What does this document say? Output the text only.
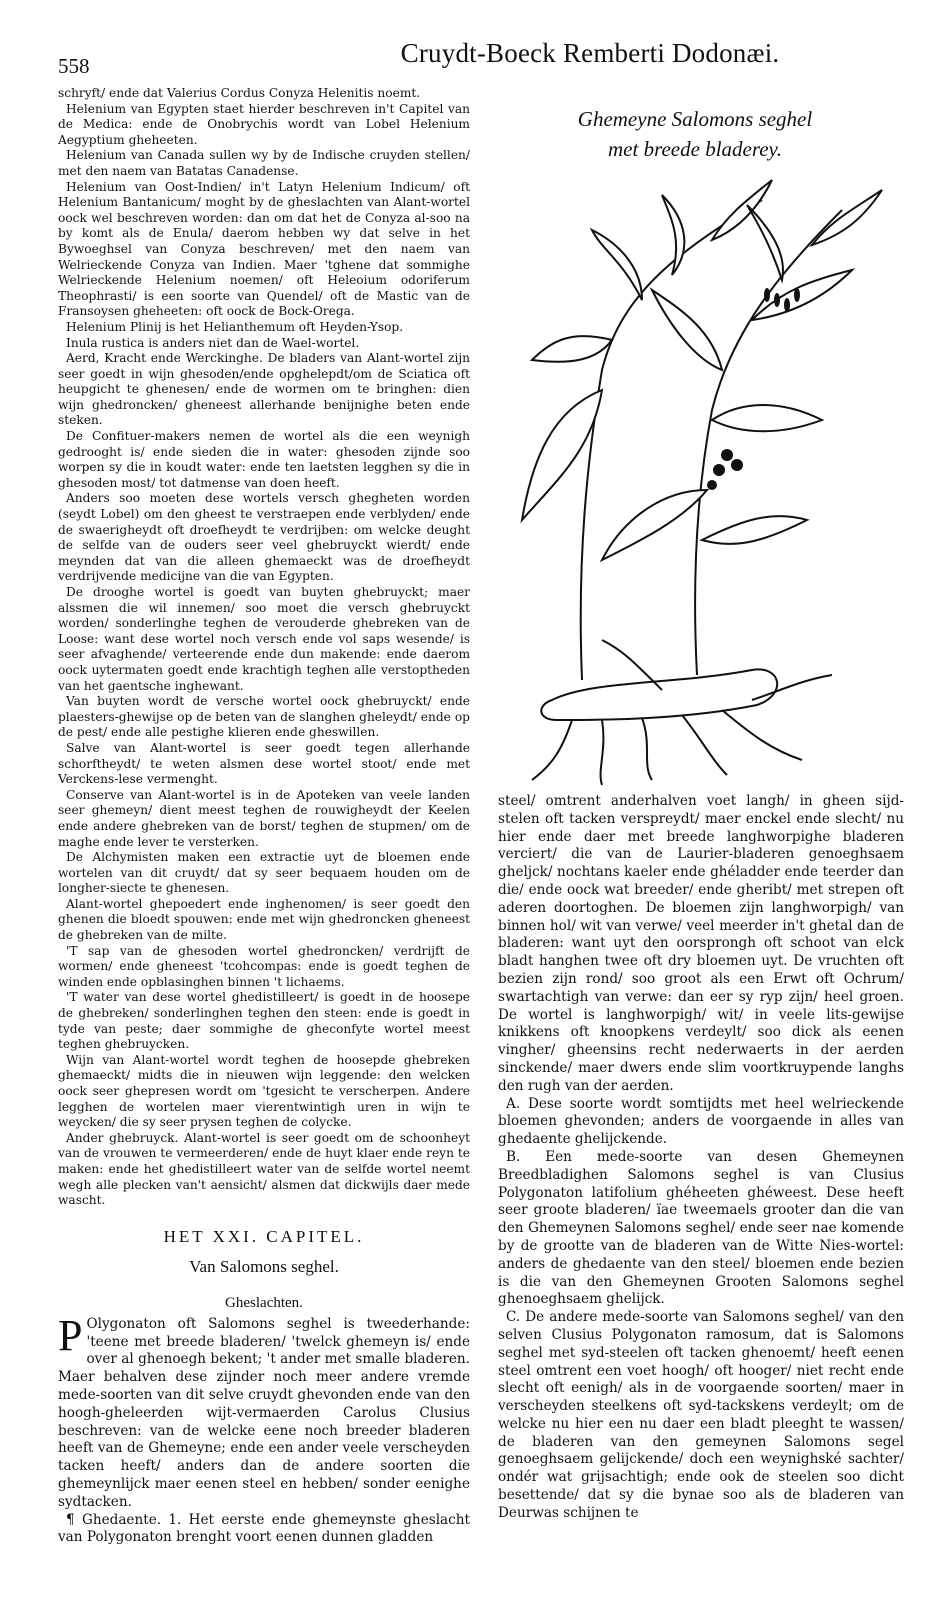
558	Cruydt-Boeck Remberti Dodonæi.

schryft/ ende dat Valerius Cordus Conyza Helenitis noemt.

Helenium van Egypten staet hierder beschreven in't Capitel van de Medica: ende de Onobrychis wordt van Lobel Helenium Aegyptium gheheeten.

Helenium van Canada sullen wy by de Indische cruyden stellen/ met den naem van Batatas Canadense.

Helenium van Oost-Indien/ in't Latyn Helenium Indicum/ oft Helenium Bantanicum/ moght by de gheslachten van Alant-wortel oock wel beschreven worden: dan om dat het de Conyza al-soo na by komt als de Enula/ daerom hebben wy dat selve in het Bywoeghsel van Conyza beschreven/ met den naem van Welrieckende Conyza van Indien. Maer 'tghene dat sommighe Welrieckende Helenium noemen/ oft Heleoium odoriferum Theophrasti/ is een soorte van Quendel/ oft de Mastic van de Fransoysen gheheeten: oft oock de Bock-Orega.

Helenium Plinij is het Helianthemum oft Heyden-Ysop.

Inula rustica is anders niet dan de Wael-wortel.

Aerd, Kracht ende Werckinghe. De bladers van Alant-wortel zijn seer goedt in wijn ghesoden/ende opghelepdt/om de Sciatica oft heupgicht te ghenesen/ ende de wormen om te bringhen: dien wijn ghedroncken/ gheneest allerhande benijnighe beten ende steken.

De Confituer-makers nemen de wortel als die een weynigh gedrooght is/ ende sieden die in water: ghesoden zijnde soo worpen sy die in koudt water: ende ten laetsten legghen sy die in ghesoden most/ tot datmense van doen heeft.

Anders soo moeten dese wortels versch ghegheten worden (seydt Lobel) om den gheest te verstraepen ende verblyden/ ende de swaerigheydt oft droefheydt te verdrijben: om welcke deught de selfde van de ouders seer veel ghebruyckt wierdt/ ende meynden dat van die alleen ghemaeckt was de droefheydt verdrijvende medicijne van die van Egypten.

De drooghe wortel is goedt van buyten ghebruyckt; maer alssmen die wil innemen/ soo moet die versch ghebruyckt worden/ sonderlinghe teghen de verouderde ghebreken van de Loose: want dese wortel noch versch ende vol saps wesende/ is seer afvaghende/ verteerende ende dun makende: ende daerom oock uytermaten goedt ende krachtigh teghen alle verstoptheden van het gaentsche inghewant.

Van buyten wordt de versche wortel oock ghebruyckt/ ende plaesters-ghewijse op de beten van de slanghen gheleydt/ ende op de pest/ ende alle pestighe klieren ende gheswillen.

Salve van Alant-wortel is seer goedt tegen allerhande schorftheydt/ te weten alsmen dese wortel stoot/ ende met Verckens-lese vermenght.

Conserve van Alant-wortel is in de Apoteken van veele landen seer ghemeyn/ dient meest teghen de rouwigheydt der Keelen ende andere ghebreken van de borst/ teghen de stupmen/ om de maghe ende lever te versterken.

De Alchymisten maken een extractie uyt de bloemen ende wortelen van dit cruydt/ dat sy seer bequaem houden om de longher-siecte te ghenesen.

Alant-wortel ghepoedert ende inghenomen/ is seer goedt den ghenen die bloedt spouwen: ende met wijn ghedroncken gheneest de ghebreken van de milte.

'T sap van de ghesoden wortel ghedroncken/ verdrijft de wormen/ ende gheneest 'tcohcompas: ende is goedt teghen de winden ende opblasinghen binnen 't lichaems.

'T water van dese wortel ghedistilleert/ is goedt in de hoosepe de ghebreken/ sonderlinghen teghen den steen: ende is goedt in tyde van peste; daer sommighe de gheconfyte wortel meest teghen ghebruycken.

Wijn van Alant-wortel wordt teghen de hoosepde ghebreken ghemaeckt/ midts die in nieuwen wijn leggende: den welcken oock seer ghepresen wordt om 'tgesicht te verscherpen. Andere legghen de wortelen maer vierentwintigh uren in wijn te weycken/ die sy seer prysen teghen de colycke.

Ander ghebruyck. Alant-wortel is seer goedt om de schoonheyt van de vrouwen te vermeerderen/ ende de huyt klaer ende reyn te maken: ende het ghedistilleert water van de selfde wortel neemt wegh alle plecken van't aensicht/ alsmen dat dickwijls daer mede wascht.

HET XXI. CAPITEL.
Van Salomons seghel.
Gheslachten.

P Olygonaton oft Salomons seghel is tweederhande: 'teene met breede bladeren/ 'twelck ghemeyn is/ ende over al ghenoegh bekent; 't ander met smalle bladeren. Maer behalven dese zijnder noch meer andere vremde mede-soorten van dit selve cruydt ghevonden ende van den hoogh-gheleerden wijt-vermaerden Carolus Clusius beschreven: van de welcke eene noch breeder bladeren heeft van de Ghemeyne; ende een ander veele verscheyden tacken heeft/ anders dan de andere soorten die ghemeynlijck maer eenen steel en hebben/ sonder eenighe sydtacken.

¶ Ghedaente. 1. Het eerste ende ghemeynste gheslacht van Polygonaton brenght voort eenen dunnen gladden

Ghemeyne Salomons seghel
met breede bladerey.

steel/ omtrent anderhalven voet langh/ in gheen sijd-stelen oft tacken verspreydt/ maer enckel ende slecht/ nu hier ende daer met breede langhworpighe bladeren verciert/ die van de Laurier-bladeren genoeghsaem gheljck/ nochtans kaeler ende ghéladder ende teerder dan die/ ende oock wat breeder/ ende gheribt/ met strepen oft aderen doortoghen. De bloemen zijn langhworpigh/ van binnen hol/ wit van verwe/ veel meerder in't ghetal dan de bladeren: want uyt den oorsprongh oft schoot van elck bladt hanghen twee oft dry bloemen uyt. De vruchten oft bezien zijn rond/ soo groot als een Erwt oft Ochrum/ swartachtigh van verwe: dan eer sy ryp zijn/ heel groen. De wortel is langhworpigh/ wit/ in veele lits-gewijse knikkens oft knoopkens verdeylt/ soo dick als eenen vingher/ gheensins recht nederwaerts in der aerden sinckende/ maer dwers ende slim voortkruypende langhs den rugh van der aerden.

A. Dese soorte wordt somtijdts met heel welrieckende bloemen ghevonden; anders de voorgaende in alles van ghedaente ghelijckende.

B. Een mede-soorte van desen Ghemeynen Breedbladighen Salomons seghel is van Clusius Polygonaton latifolium ghéheeten ghéweest. Dese heeft seer groote bladeren/ ïae tweemaels grooter dan die van den Ghemeynen Salomons seghel/ ende seer nae komende by de grootte van de bladeren van de Witte Nies-wortel: anders de ghedaente van den steel/ bloemen ende bezien is die van den Ghemeynen Grooten Salomons seghel ghenoeghsaem ghelijck.

C. De andere mede-soorte van Salomons seghel/ van den selven Clusius Polygonaton ramosum, dat is Salomons seghel met syd-steelen oft tacken ghenoemt/ heeft eenen steel omtrent een voet hoogh/ oft hooger/ niet recht ende slecht oft eenigh/ als in de voorgaende soorten/ maer in verscheyden steelkens oft syd-tackskens verdeylt; om de welcke nu hier een nu daer een bladt pleeght te wassen/ de bladeren van den gemeynen Salomons segel genoeghsaem gelijckende/ doch een weynighské sachter/ ondér wat grijsachtigh; ende ook de steelen soo dicht besettende/ dat sy die bynae soo als de bladeren van Deurwas schijnen te
